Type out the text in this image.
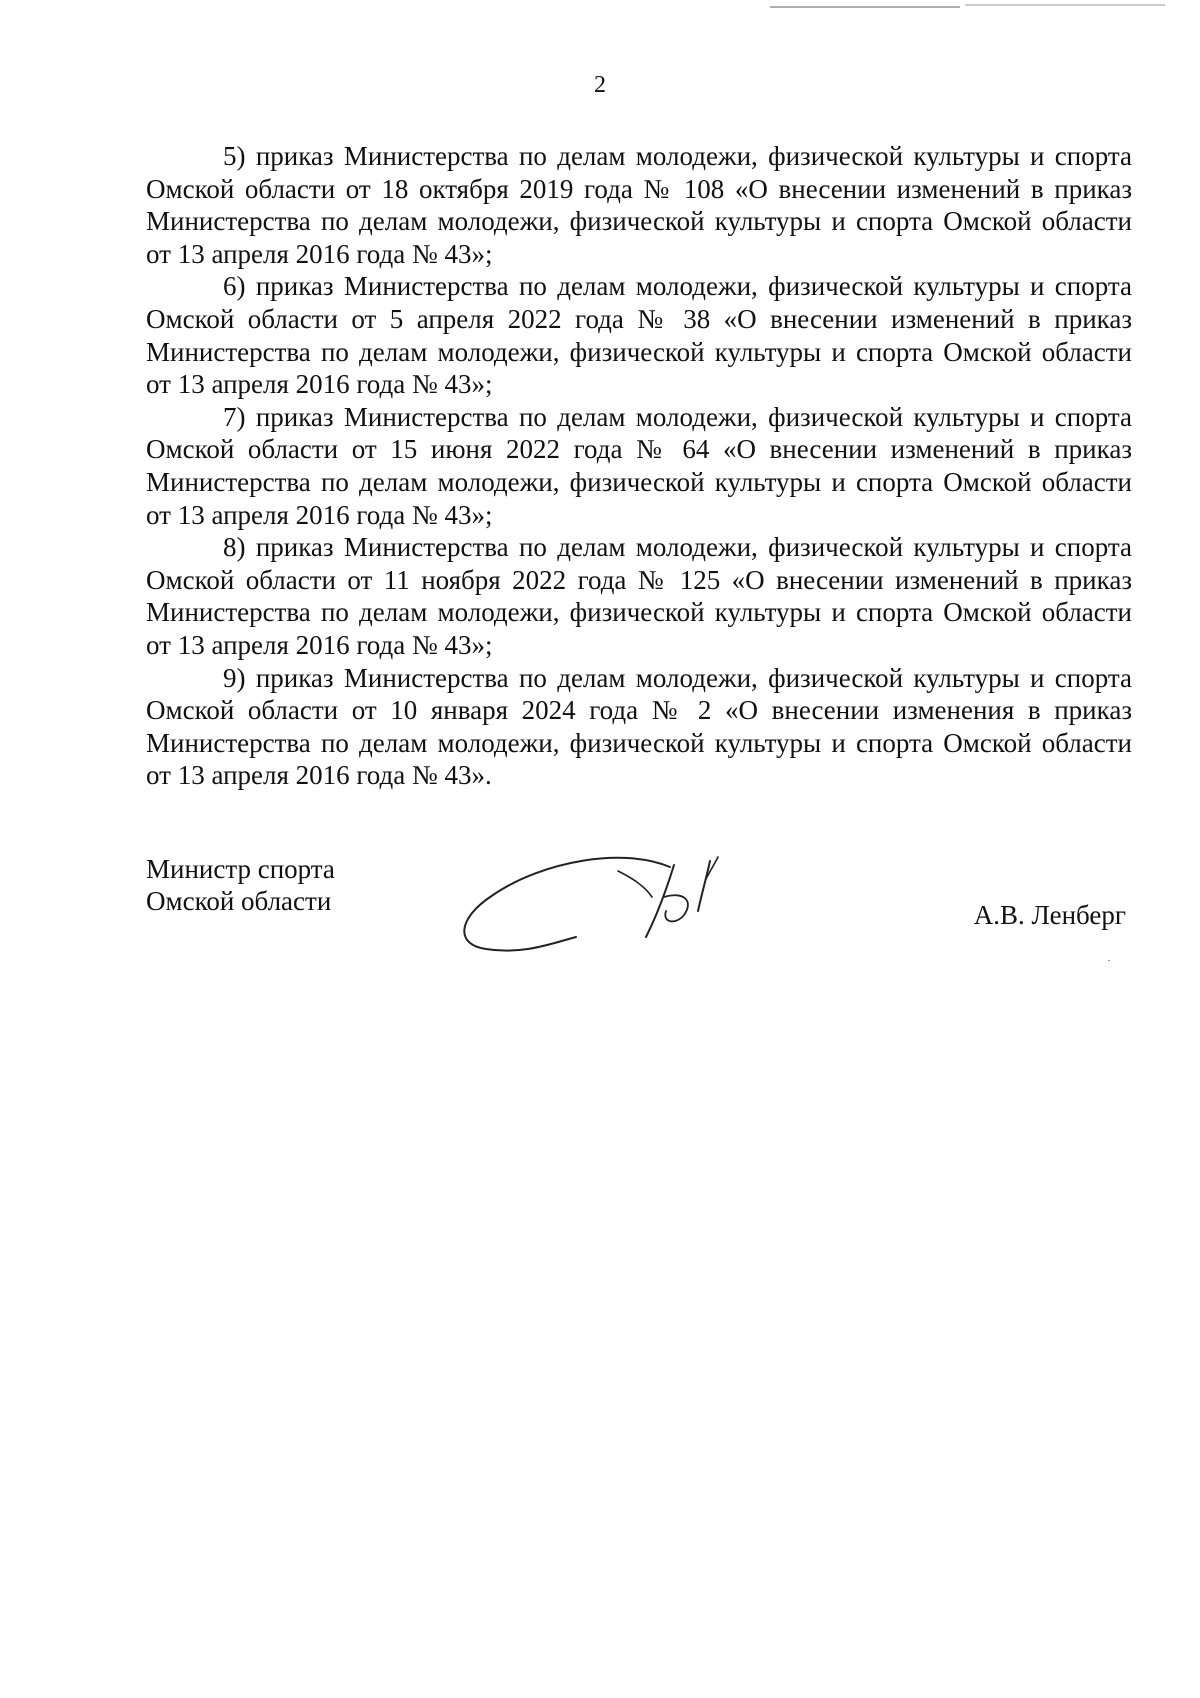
2

5) приказ Министерства по делам молодежи, физической культуры и спорта Омской области от 18 октября 2019 года № 108 «О внесении изменений в приказ Министерства по делам молодежи, физической культуры и спорта Омской области от 13 апреля 2016 года № 43»;

6) приказ Министерства по делам молодежи, физической культуры и спорта Омской области от 5 апреля 2022 года № 38 «О внесении изменений в приказ Министерства по делам молодежи, физической культуры и спорта Омской области от 13 апреля 2016 года № 43»;

7) приказ Министерства по делам молодежи, физической культуры и спорта Омской области от 15 июня 2022 года № 64 «О внесении изменений в приказ Министерства по делам молодежи, физической культуры и спорта Омской области от 13 апреля 2016 года № 43»;

8) приказ Министерства по делам молодежи, физической культуры и спорта Омской области от 11 ноября 2022 года № 125 «О внесении изменений в приказ Министерства по делам молодежи, физической культуры и спорта Омской области от 13 апреля 2016 года № 43»;

9) приказ Министерства по делам молодежи, физической культуры и спорта Омской области от 10 января 2024 года № 2 «О внесении изменения в приказ Министерства по делам молодежи, физической культуры и спорта Омской области от 13 апреля 2016 года № 43».

Министр спорта
Омской области	А.В. Ленберг
